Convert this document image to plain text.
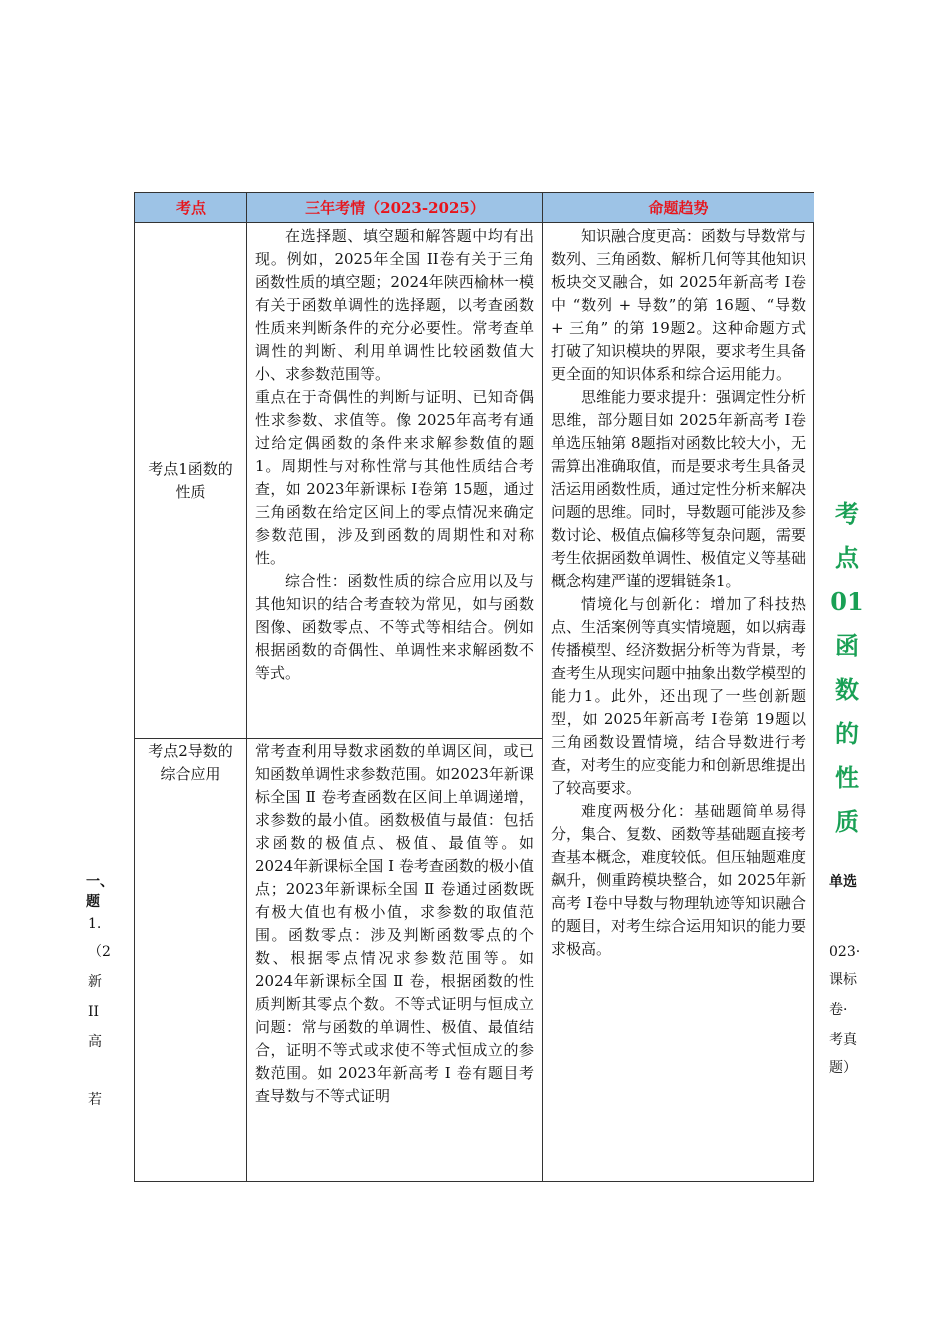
考点	三年考情（2023-2025）	命题趋势
考点1函数的性质

在选择题、填空题和解答题中均有出现。例如，2025年全国 II卷有关于三角函数性质的填空题；2024年陕西榆林一模有关于函数单调性的选择题，以考查函数性质来判断条件的充分必要性。常考查单调性的判断、利用单调性比较函数值大小、求参数范围等。

重点在于奇偶性的判断与证明、已知奇偶性求参数、求值等。像 2025年高考有通过给定偶函数的条件来求解参数值的题1。周期性与对称性常与其他性质结合考查，如 2023年新课标 I卷第 15题，通过三角函数在给定区间上的零点情况来确定参数范围，涉及到函数的周期性和对称性。

综合性：函数性质的综合应用以及与其他知识的结合考查较为常见，如与函数图像、函数零点、不等式等相结合。例如根据函数的奇偶性、单调性来求解函数不等式。

考点2导数的综合应用

常考查利用导数求函数的单调区间，或已知函数单调性求参数范围。如2023年新课标全国 Ⅱ 卷考查函数在区间上单调递增，求参数的最小值。函数极值与最值：包括求函数的极值点、极值、最值等。如 2024年新课标全国 Ⅰ 卷考查函数的极小值点；2023年新课标全国 Ⅱ 卷通过函数既有极大值也有极小值，求参数的取值范围。函数零点：涉及判断函数零点的个数、根据零点情况求参数范围等。如 2024年新课标全国 Ⅱ 卷，根据函数的性质判断其零点个数。不等式证明与恒成立问题：常与函数的单调性、极值、最值结合，证明不等式或求使不等式恒成立的参数范围。如 2023年新高考 Ⅰ 卷有题目考查导数与不等式证明

知识融合度更高：函数与导数常与数列、三角函数、解析几何等其他知识板块交叉融合，如 2025年新高考 I卷中 “数列 + 导数”的第 16题、“导数 + 三角” 的第 19题2。这种命题方式打破了知识模块的界限，要求考生具备更全面的知识体系和综合运用能力。

思维能力要求提升：强调定性分析思维，部分题目如 2025年新高考 I卷单选压轴第 8题指对函数比较大小，无需算出准确取值，而是要求考生具备灵活运用函数性质，通过定性分析来解决问题的思维。同时，导数题可能涉及参数讨论、极值点偏移等复杂问题，需要考生依据函数单调性、极值定义等基础概念构建严谨的逻辑链条1。

情境化与创新化：增加了科技热点、生活案例等真实情境题，如以病毒传播模型、经济数据分析等为背景，考查考生从现实问题中抽象出数学模型的能力1。此外，还出现了一些创新题型，如 2025年新高考 I卷第 19题以三角函数设置情境，结合导数进行考查，对考生的应变能力和创新思维提出了较高要求。

难度两极分化：基础题简单易得分，集合、复数、函数等基础题直接考查基本概念，难度较低。但压轴题难度飙升，侧重跨模块整合，如 2025年新高考 I卷中导数与物理轨迹等知识融合的题目，对考生综合运用知识的能力要求极高。

考
点
01
函
数
的
性
质
单选
023·
课标
卷·
考真
题）
一、
题
1.
（2
新
II
高
若
